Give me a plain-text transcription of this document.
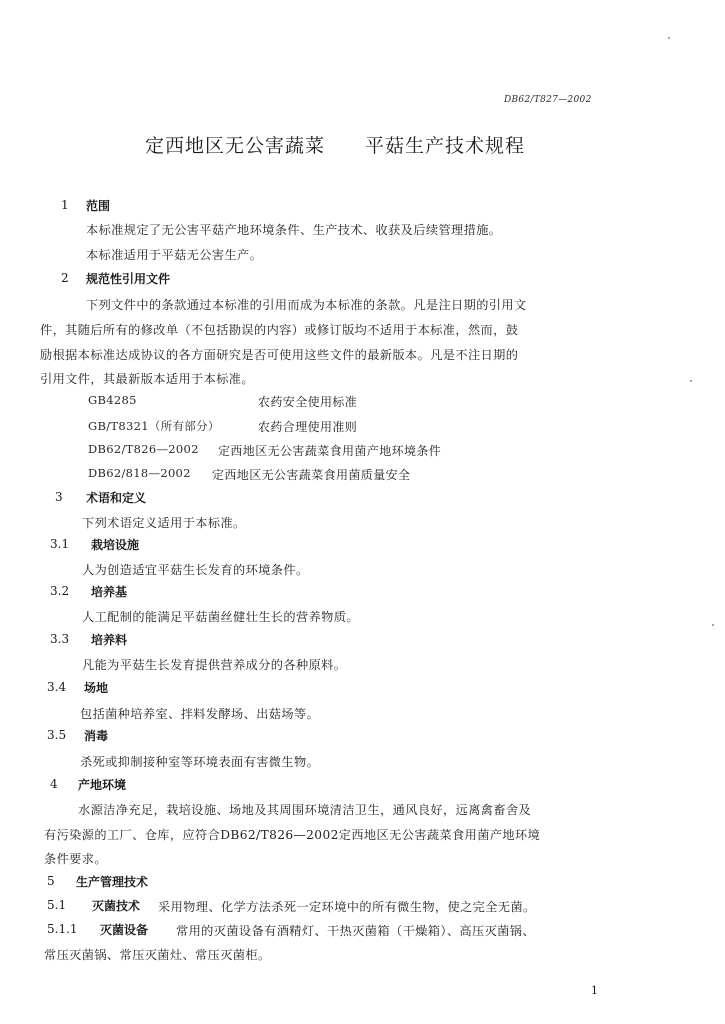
DB62/T827—2002
定西地区无公害蔬菜 平菇生产技术规程
1 范围
本标准规定了无公害平菇产地环境条件、生产技术、收获及后续管理措施。
本标准适用于平菇无公害生产。
2 规范性引用文件
下列文件中的条款通过本标准的引用而成为本标准的条款。凡是注日期的引用文
件，其随后所有的修改单（不包括勘误的内容）或修订版均不适用于本标准，然而，鼓
励根据本标准达成协议的各方面研究是否可使用这些文件的最新版本。凡是不注日期的
引用文件，其最新版本适用于本标准。
GB4285	农药安全使用标准
GB/T8321（所有部分）	农药合理使用准则
DB62/T826—2002 定西地区无公害蔬菜食用菌产地环境条件
DB62/818—2002 定西地区无公害蔬菜食用菌质量安全
3 术语和定义
下列术语定义适用于本标准。
3.1 栽培设施
人为创造适宜平菇生长发育的环境条件。
3.2 培养基
人工配制的能满足平菇菌丝健壮生长的营养物质。
3.3 培养料
凡能为平菇生长发育提供营养成分的各种原料。
3.4 场地
包括菌种培养室、拌料发酵场、出菇场等。
3.5 消毒
杀死或抑制接种室等环境表面有害微生物。
4 产地环境
水源洁净充足，栽培设施、场地及其周围环境清洁卫生，通风良好，远离禽畜舍及
有污染源的工厂、仓库，应符合DB62/T826—2002定西地区无公害蔬菜食用菌产地环境
条件要求。
5 生产管理技术
5.1 灭菌技术 采用物理、化学方法杀死一定环境中的所有微生物，使之完全无菌。
5.1.1 灭菌设备 常用的灭菌设备有酒精灯、干热灭菌箱（干燥箱）、高压灭菌锅、
常压灭菌锅、常压灭菌灶、常压灭菌柜。
1
